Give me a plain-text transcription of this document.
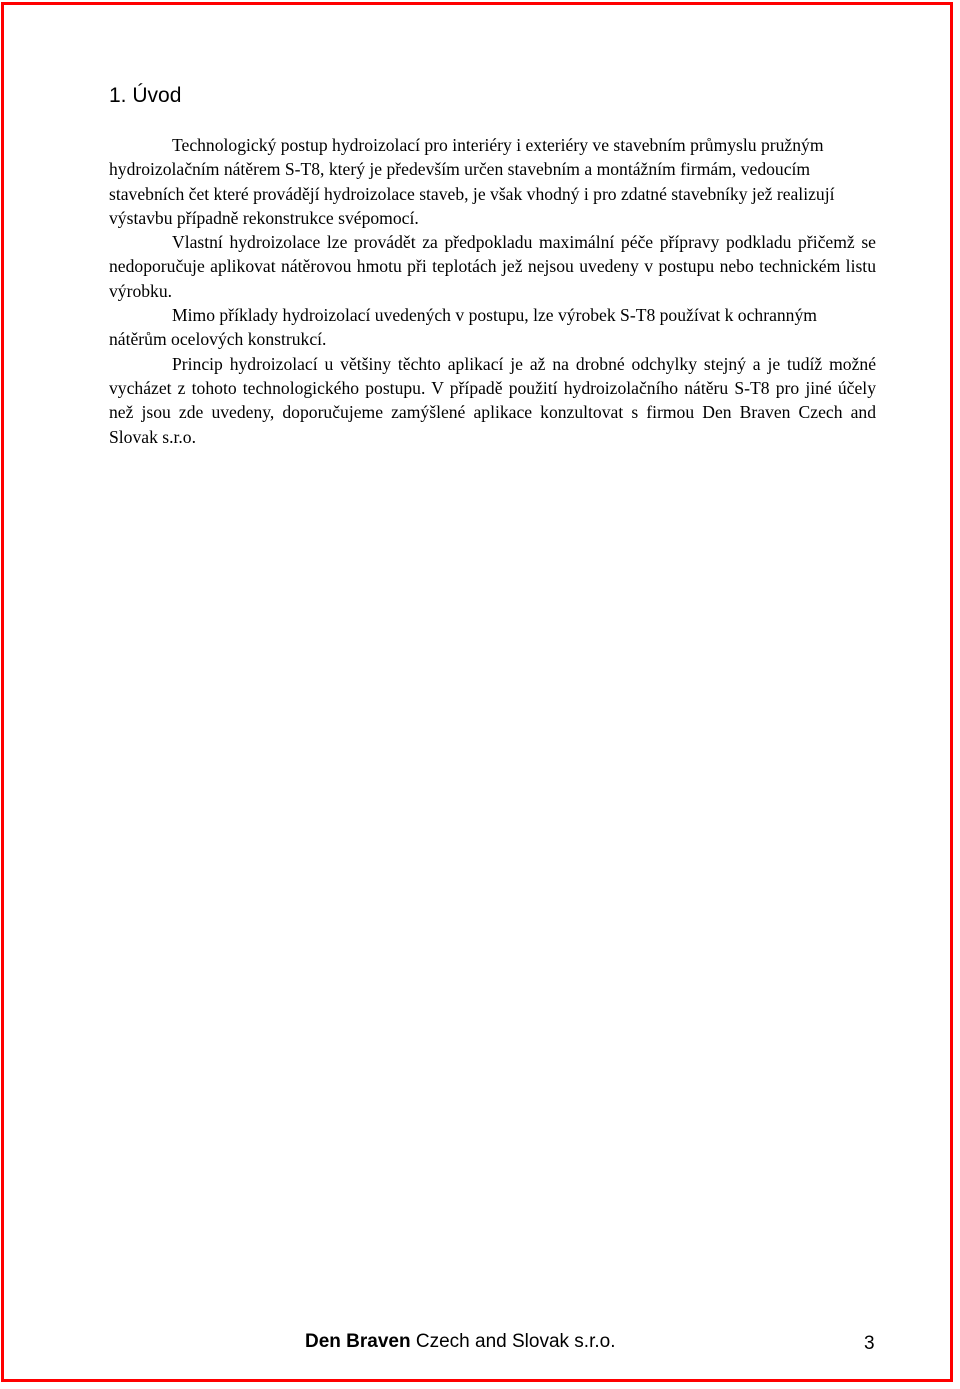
1. Úvod

Technologický postup hydroizolací pro interiéry i exteriéry ve stavebním průmyslu pružným hydroizolačním nátěrem S-T8, který je především určen stavebním a montážním firmám, vedoucím stavebních čet které provádějí hydroizolace staveb, je však vhodný i pro zdatné stavebníky jež realizují výstavbu případně rekonstrukce svépomocí.

Vlastní hydroizolace lze provádět za předpokladu maximální péče přípravy podkladu přičemž se nedoporučuje aplikovat nátěrovou hmotu při teplotách jež nejsou uvedeny v postupu nebo technickém listu výrobku.

Mimo příklady hydroizolací uvedených v postupu, lze výrobek S-T8 používat k ochranným nátěrům ocelových konstrukcí.

Princip hydroizolací u většiny těchto aplikací je až na drobné odchylky stejný a je tudíž možné vycházet z tohoto technologického postupu. V případě použití hydroizolačního nátěru S-T8 pro jiné účely než jsou zde uvedeny, doporučujeme zamýšlené aplikace konzultovat s firmou Den Braven Czech and Slovak s.r.o.

Den Braven Czech and Slovak s.r.o.	3
